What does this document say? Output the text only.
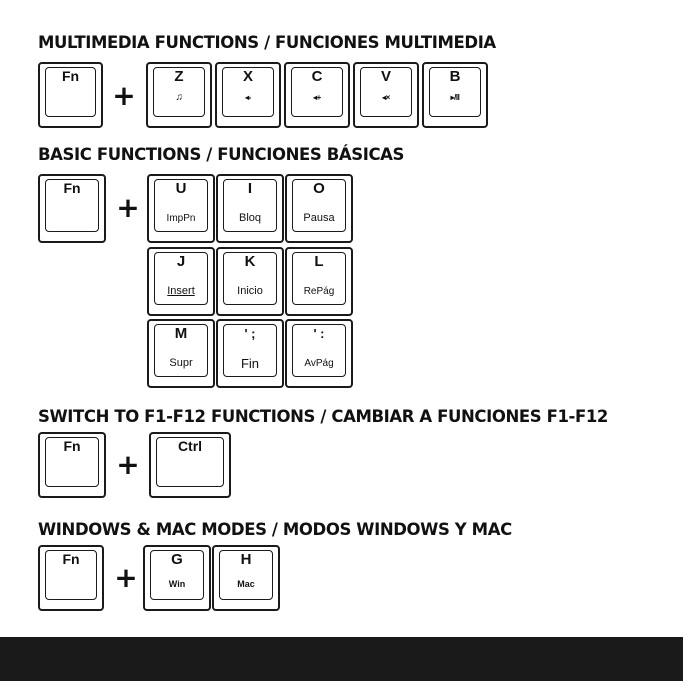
MULTIMEDIA FUNCTIONS / FUNCIONES MULTIMEDIA
Fn
+
Z
♫
X
◂-
C
◂+
V
◂×
B
▸/II
BASIC FUNCTIONS / FUNCIONES BÁSICAS
Fn
+
U
ImpPn
I
Bloq
O
Pausa
J
Insert
K
Inicio
L
RePág
M
Supr
' ;
Fin
' :
AvPág
SWITCH TO F1-F12 FUNCTIONS / CAMBIAR A FUNCIONES F1-F12
Fn
+
Ctrl
WINDOWS & MAC MODES / MODOS WINDOWS Y MAC
Fn
+
G
Win
H
Mac
